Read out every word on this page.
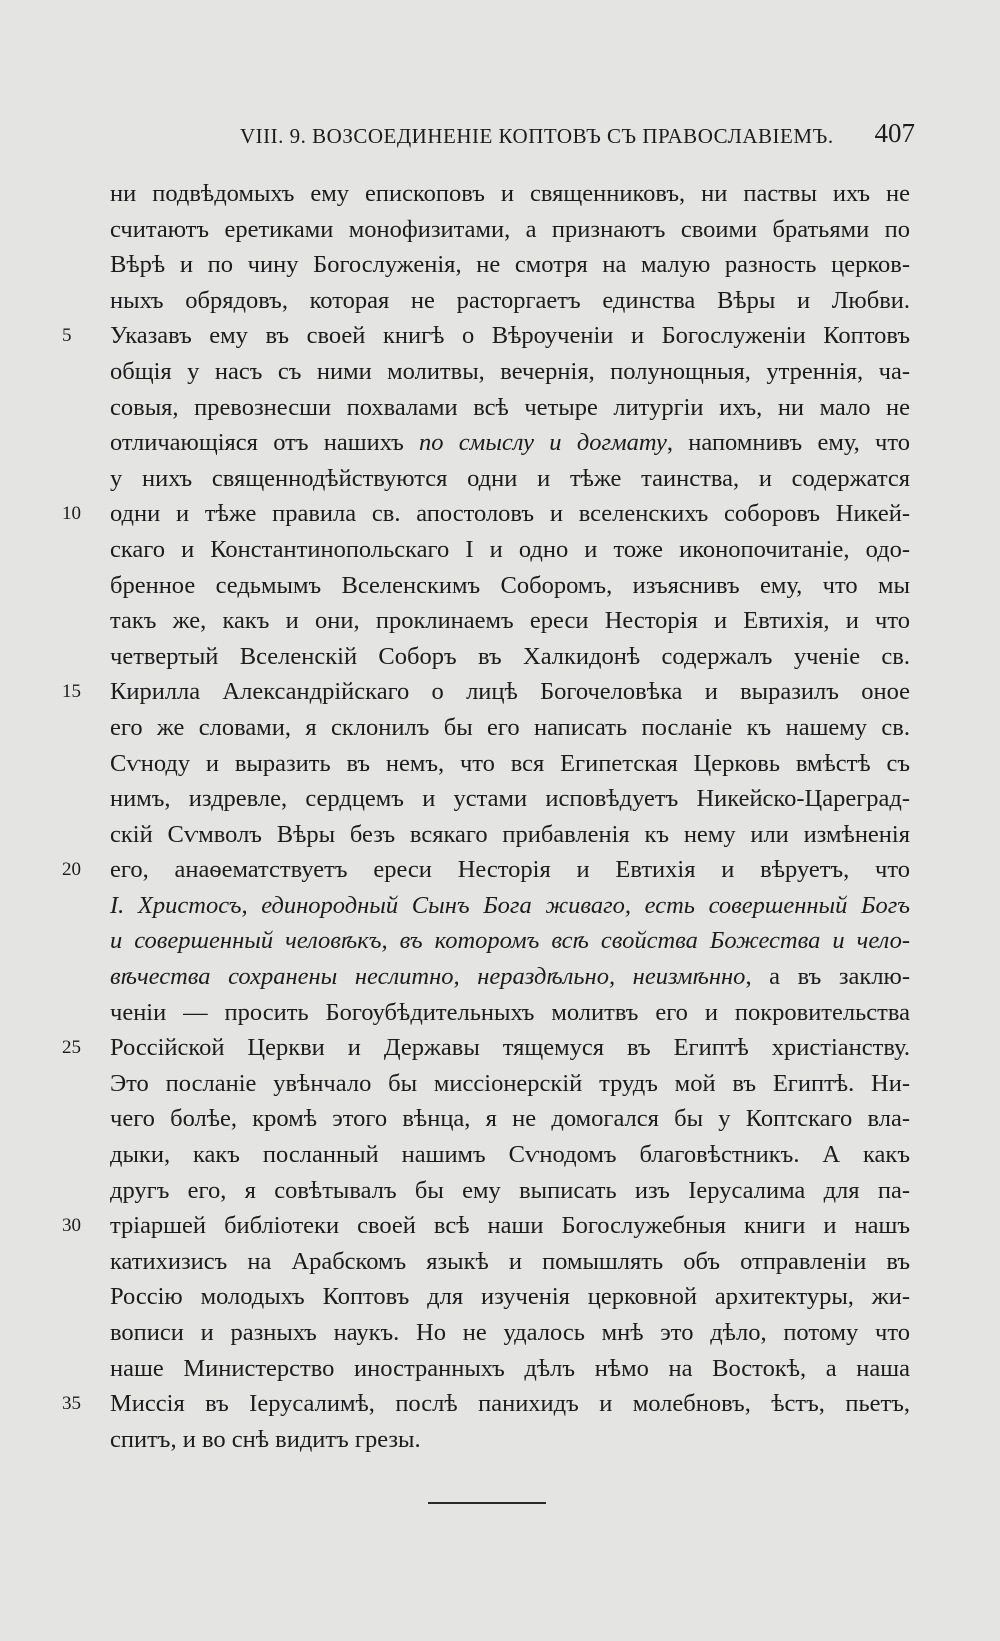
VIII. 9. ВОЗСОЕДИНЕНІЕ КОПТОВЪ СЪ ПРАВОСЛАВІЕМЪ. 407
ни подвѣдомыхъ ему епископовъ и священниковъ, ни паствы ихъ не
считаютъ еретиками монофизитами, а признаютъ своими братьями по
Вѣрѣ и по чину Богослуженія, не смотря на малую разность церков-
ныхъ обрядовъ, которая не расторгаетъ единства Вѣры и Любви.
5	Указавъ ему въ своей книгѣ о Вѣроученіи и Богослуженіи Коптовъ
общія у насъ съ ними молитвы, вечернія, полунощныя, утреннія, ча-
совыя, превознесши похвалами всѣ четыре литургіи ихъ, ни мало не
отличающіяся отъ нашихъ по смыслу и догмату, напомнивъ ему, что
у нихъ священнодѣйствуются одни и тѣже таинства, и содержатся
10	одни и тѣже правила св. апостоловъ и вселенскихъ соборовъ Никей-
скаго и Константинопольскаго I и одно и тоже иконопочитаніе, одо-
бренное седьмымъ Вселенскимъ Соборомъ, изъяснивъ ему, что мы
такъ же, какъ и они, проклинаемъ ереси Несторія и Евтихія, и что
четвертый Вселенскій Соборъ въ Халкидонѣ содержалъ ученіе св.
15	Кирилла Александрійскаго о лицѣ Богочеловѣка и выразилъ оное
его же словами, я склонилъ бы его написать посланіе къ нашему св.
Сѵноду и выразить въ немъ, что вся Египетская Церковь вмѣстѣ съ
нимъ, издревле, сердцемъ и устами исповѣдуетъ Никейско-Цареград-
скій Сѵмволъ Вѣры безъ всякаго прибавленія къ нему или измѣненія
20	его, анаѳематствуетъ ереси Несторія и Евтихія и вѣруетъ, что
І. Христосъ, единородный Сынъ Бога живаго, есть совершенный Богъ
и совершенный человѣкъ, въ которомъ всѣ свойства Божества и чело-
вѣчества сохранены неслитно, нераздѣльно, неизмѣнно, а въ заклю-
ченіи — просить Богоубѣдительныхъ молитвъ его и покровительства
25	Россійской Церкви и Державы тящемуся въ Египтѣ христіанству.
Это посланіе увѣнчало бы миссіонерскій трудъ мой въ Египтѣ. Ни-
чего болѣе, кромѣ этого вѣнца, я не домогался бы у Коптскаго вла-
дыки, какъ посланный нашимъ Сѵнодомъ благовѣстникъ. А какъ
другъ его, я совѣтывалъ бы ему выписать изъ Іерусалима для па-
30	тріаршей библіотеки своей всѣ наши Богослужебныя книги и нашъ
катихизисъ на Арабскомъ языкѣ и помышлять объ отправленіи въ
Россію молодыхъ Коптовъ для изученія церковной архитектуры, жи-
вописи и разныхъ наукъ. Но не удалось мнѣ это дѣло, потому что
наше Министерство иностранныхъ дѣлъ нѣмо на Востокѣ, а наша
35	Миссія въ Іерусалимѣ, послѣ панихидъ и молебновъ, ѣстъ, пьетъ,
спитъ, и во снѣ видитъ грезы.
